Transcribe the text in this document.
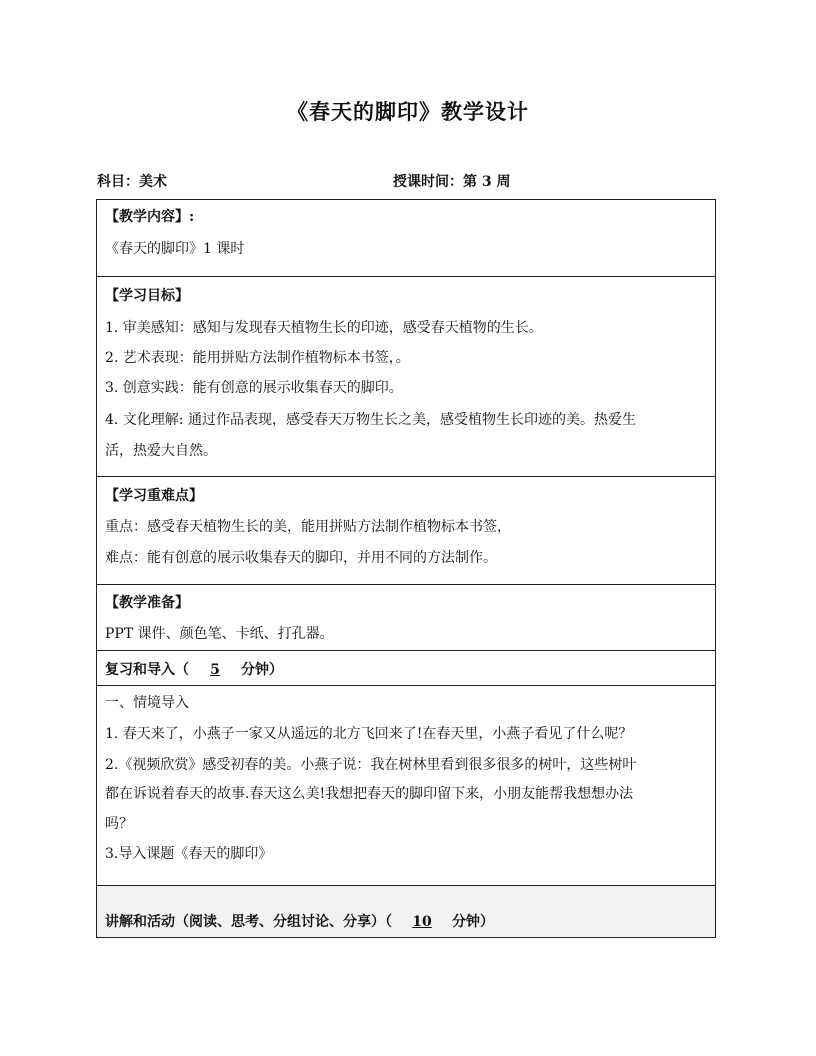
《春天的脚印》教学设计
科目：美术	授课时间：第 3 周
【教学内容】:
《春天的脚印》1 课时
【学习目标】
1. 审美感知：感知与发现春天植物生长的印迹，感受春天植物的生长。
2. 艺术表现：能用拼贴方法制作植物标本书签，。
3. 创意实践：能有创意的展示收集春天的脚印。
4. 文化理解: 通过作品表现，感受春天万物生长之美，感受植物生长印迹的美。热爱生
活，热爱大自然。
【学习重难点】
重点：感受春天植物生长的美，能用拼贴方法制作植物标本书签，
难点：能有创意的展示收集春天的脚印，并用不同的方法制作。
【教学准备】
PPT 课件、颜色笔、卡纸、打孔器。
复习和导入（ 5 分钟）
一、情境导入
1. 春天来了，小燕子一家又从遥远的北方飞回来了!在春天里，小燕子看见了什么呢？
2.《视频欣赏》感受初春的美。小燕子说：我在树林里看到很多很多的树叶，这些树叶
都在诉说着春天的故事.春天这么美!我想把春天的脚印留下来，小朋友能帮我想想办法
吗？
3.导入课题《春天的脚印》
讲解和活动（阅读、思考、分组讨论、分享）（ 10 分钟）
